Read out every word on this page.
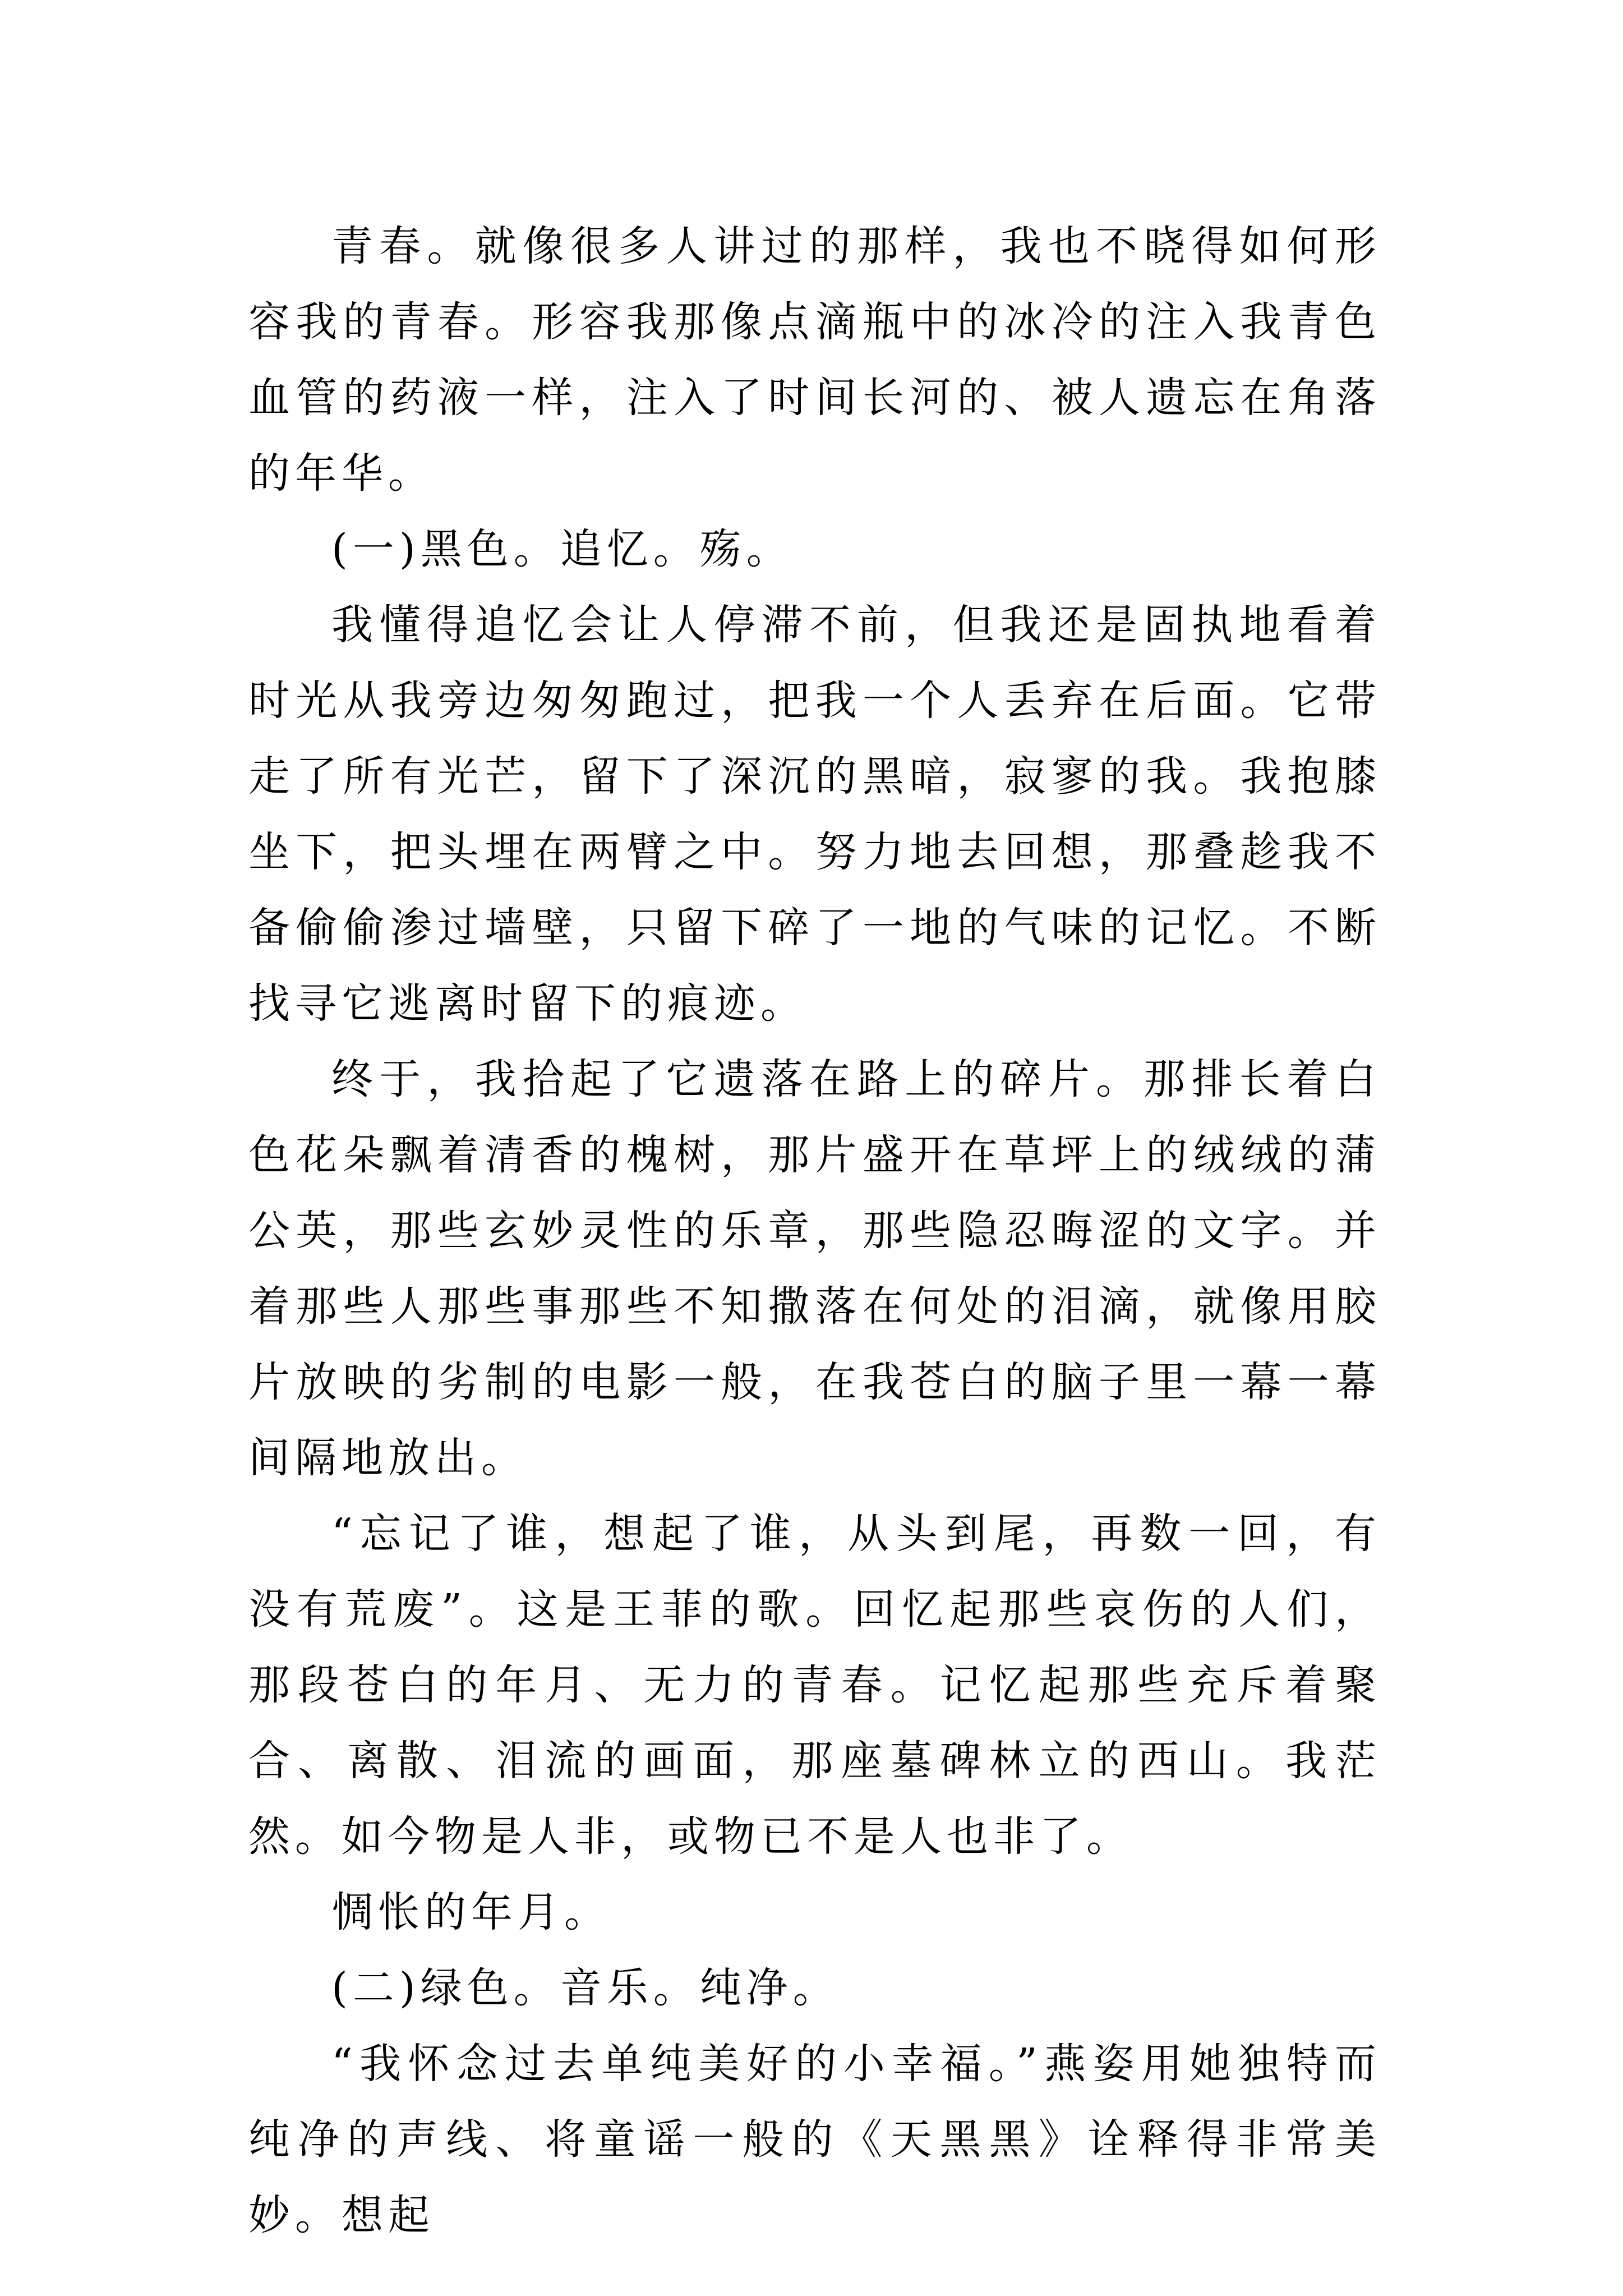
青春。就像很多人讲过的那样，我也不晓得如何形容我的青春。形容我那像点滴瓶中的冰冷的注入我青色血管的药液一样，注入了时间长河的、被人遗忘在角落的年华。

(一)黑色。追忆。殇。

我懂得追忆会让人停滞不前，但我还是固执地看着时光从我旁边匆匆跑过，把我一个人丢弃在后面。它带走了所有光芒，留下了深沉的黑暗，寂寥的我。我抱膝坐下，把头埋在两臂之中。努力地去回想，那叠趁我不备偷偷渗过墙壁，只留下碎了一地的气味的记忆。不断找寻它逃离时留下的痕迹。

终于，我拾起了它遗落在路上的碎片。那排长着白色花朵飘着清香的槐树，那片盛开在草坪上的绒绒的蒲公英，那些玄妙灵性的乐章，那些隐忍晦涩的文字。并着那些人那些事那些不知撒落在何处的泪滴，就像用胶片放映的劣制的电影一般，在我苍白的脑子里一幕一幕间隔地放出。

“忘记了谁，想起了谁，从头到尾，再数一回，有没有荒废”。这是王菲的歌。回忆起那些哀伤的人们，那段苍白的年月、无力的青春。记忆起那些充斥着聚合、离散、泪流的画面，那座墓碑林立的西山。我茫然。如今物是人非，或物已不是人也非了。

惆怅的年月。

(二)绿色。音乐。纯净。

“我怀念过去单纯美好的小幸福。”燕姿用她独特而纯净的声线、将童谣一般的《天黑黑》诠释得非常美妙。想起
